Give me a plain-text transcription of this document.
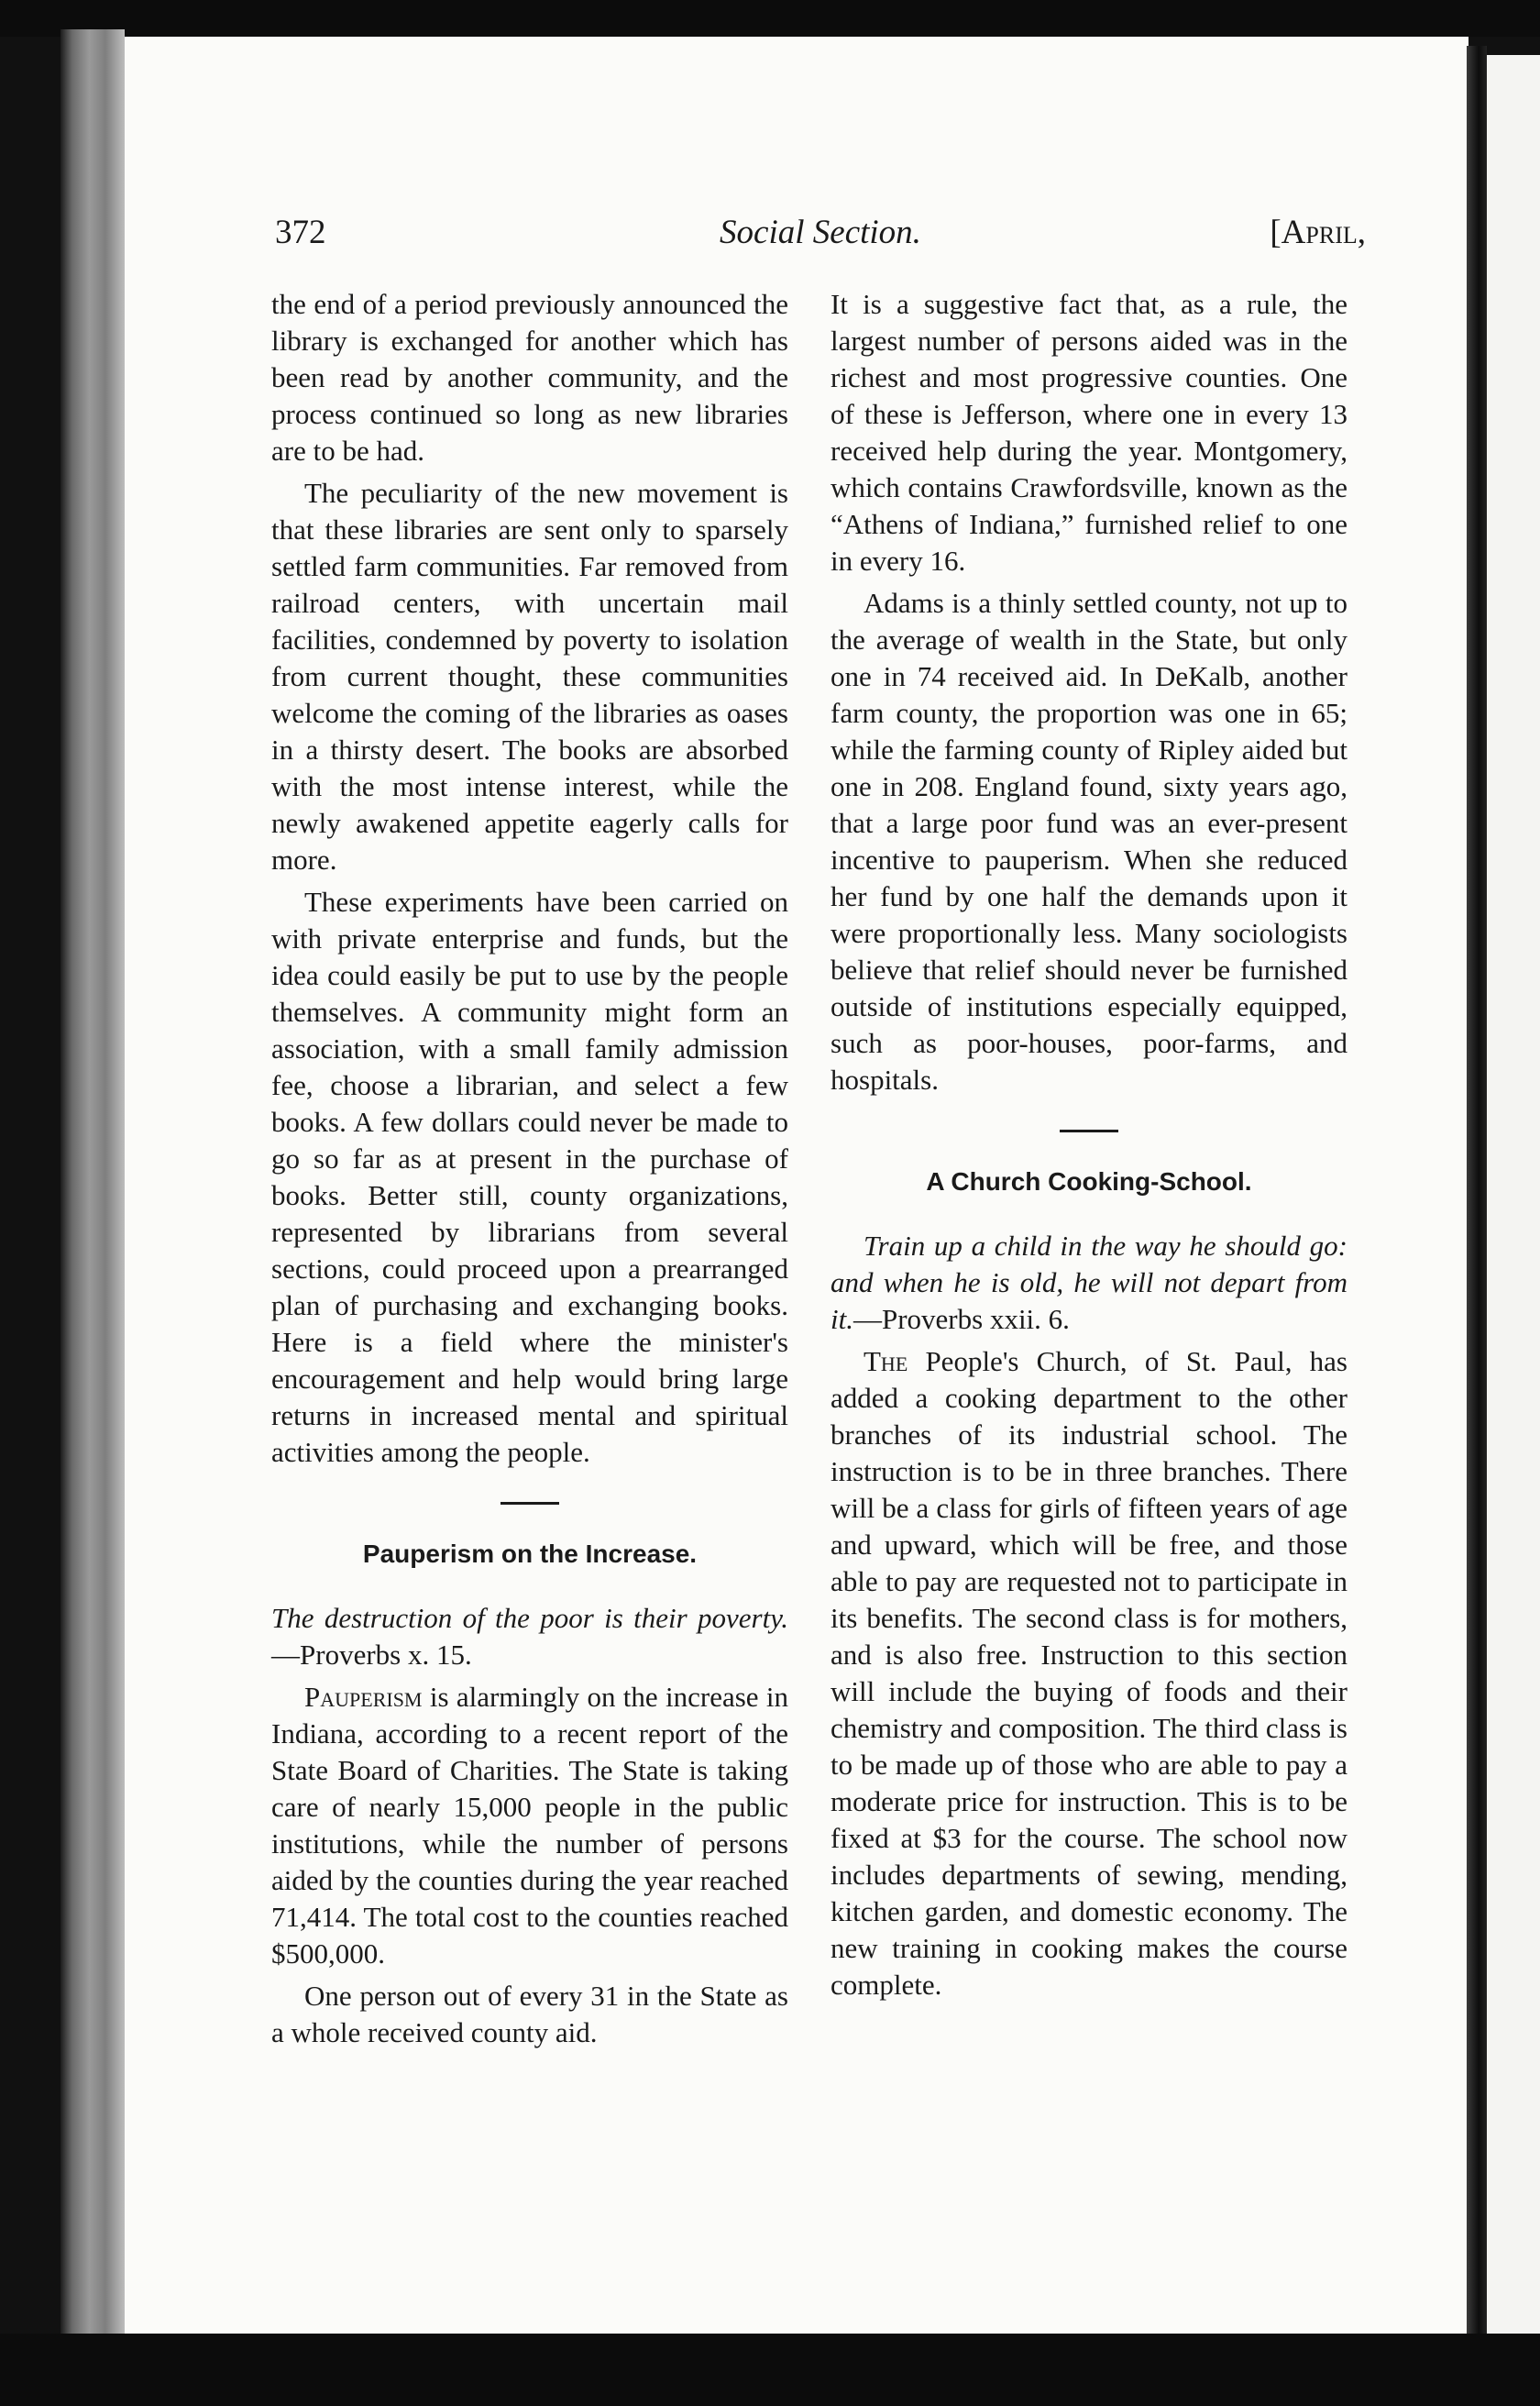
372	Social Section.	[April,

the end of a period previously announced the library is exchanged for another which has been read by another community, and the process continued so long as new libraries are to be had.

The peculiarity of the new movement is that these libraries are sent only to sparsely settled farm communities. Far removed from railroad centers, with uncertain mail facilities, condemned by poverty to isolation from current thought, these communities welcome the coming of the libraries as oases in a thirsty desert. The books are absorbed with the most intense interest, while the newly awakened appetite eagerly calls for more.

These experiments have been carried on with private enterprise and funds, but the idea could easily be put to use by the people themselves. A community might form an association, with a small family admission fee, choose a librarian, and select a few books. A few dollars could never be made to go so far as at present in the purchase of books. Better still, county organizations, represented by librarians from several sections, could proceed upon a prearranged plan of purchasing and exchanging books. Here is a field where the minister's encouragement and help would bring large returns in increased mental and spiritual activities among the people.

Pauperism on the Increase.

The destruction of the poor is their poverty.—Proverbs x. 15.

Pauperism is alarmingly on the increase in Indiana, according to a recent report of the State Board of Charities. The State is taking care of nearly 15,000 people in the public institutions, while the number of persons aided by the counties during the year reached 71,414. The total cost to the counties reached $500,000.

One person out of every 31 in the State as a whole received county aid.

It is a suggestive fact that, as a rule, the largest number of persons aided was in the richest and most progressive counties. One of these is Jefferson, where one in every 13 received help during the year. Montgomery, which contains Crawfordsville, known as the “Athens of Indiana,” furnished relief to one in every 16.

Adams is a thinly settled county, not up to the average of wealth in the State, but only one in 74 received aid. In DeKalb, another farm county, the proportion was one in 65; while the farming county of Ripley aided but one in 208. England found, sixty years ago, that a large poor fund was an ever-present incentive to pauperism. When she reduced her fund by one half the demands upon it were proportionally less. Many sociologists believe that relief should never be furnished outside of institutions especially equipped, such as poor-houses, poor-farms, and hospitals.

A Church Cooking-School.

Train up a child in the way he should go: and when he is old, he will not depart from it.—Proverbs xxii. 6.

The People's Church, of St. Paul, has added a cooking department to the other branches of its industrial school. The instruction is to be in three branches. There will be a class for girls of fifteen years of age and upward, which will be free, and those able to pay are requested not to participate in its benefits. The second class is for mothers, and is also free. Instruction to this section will include the buying of foods and their chemistry and composition. The third class is to be made up of those who are able to pay a moderate price for instruction. This is to be fixed at $3 for the course. The school now includes departments of sewing, mending, kitchen garden, and domestic economy. The new training in cooking makes the course complete.
